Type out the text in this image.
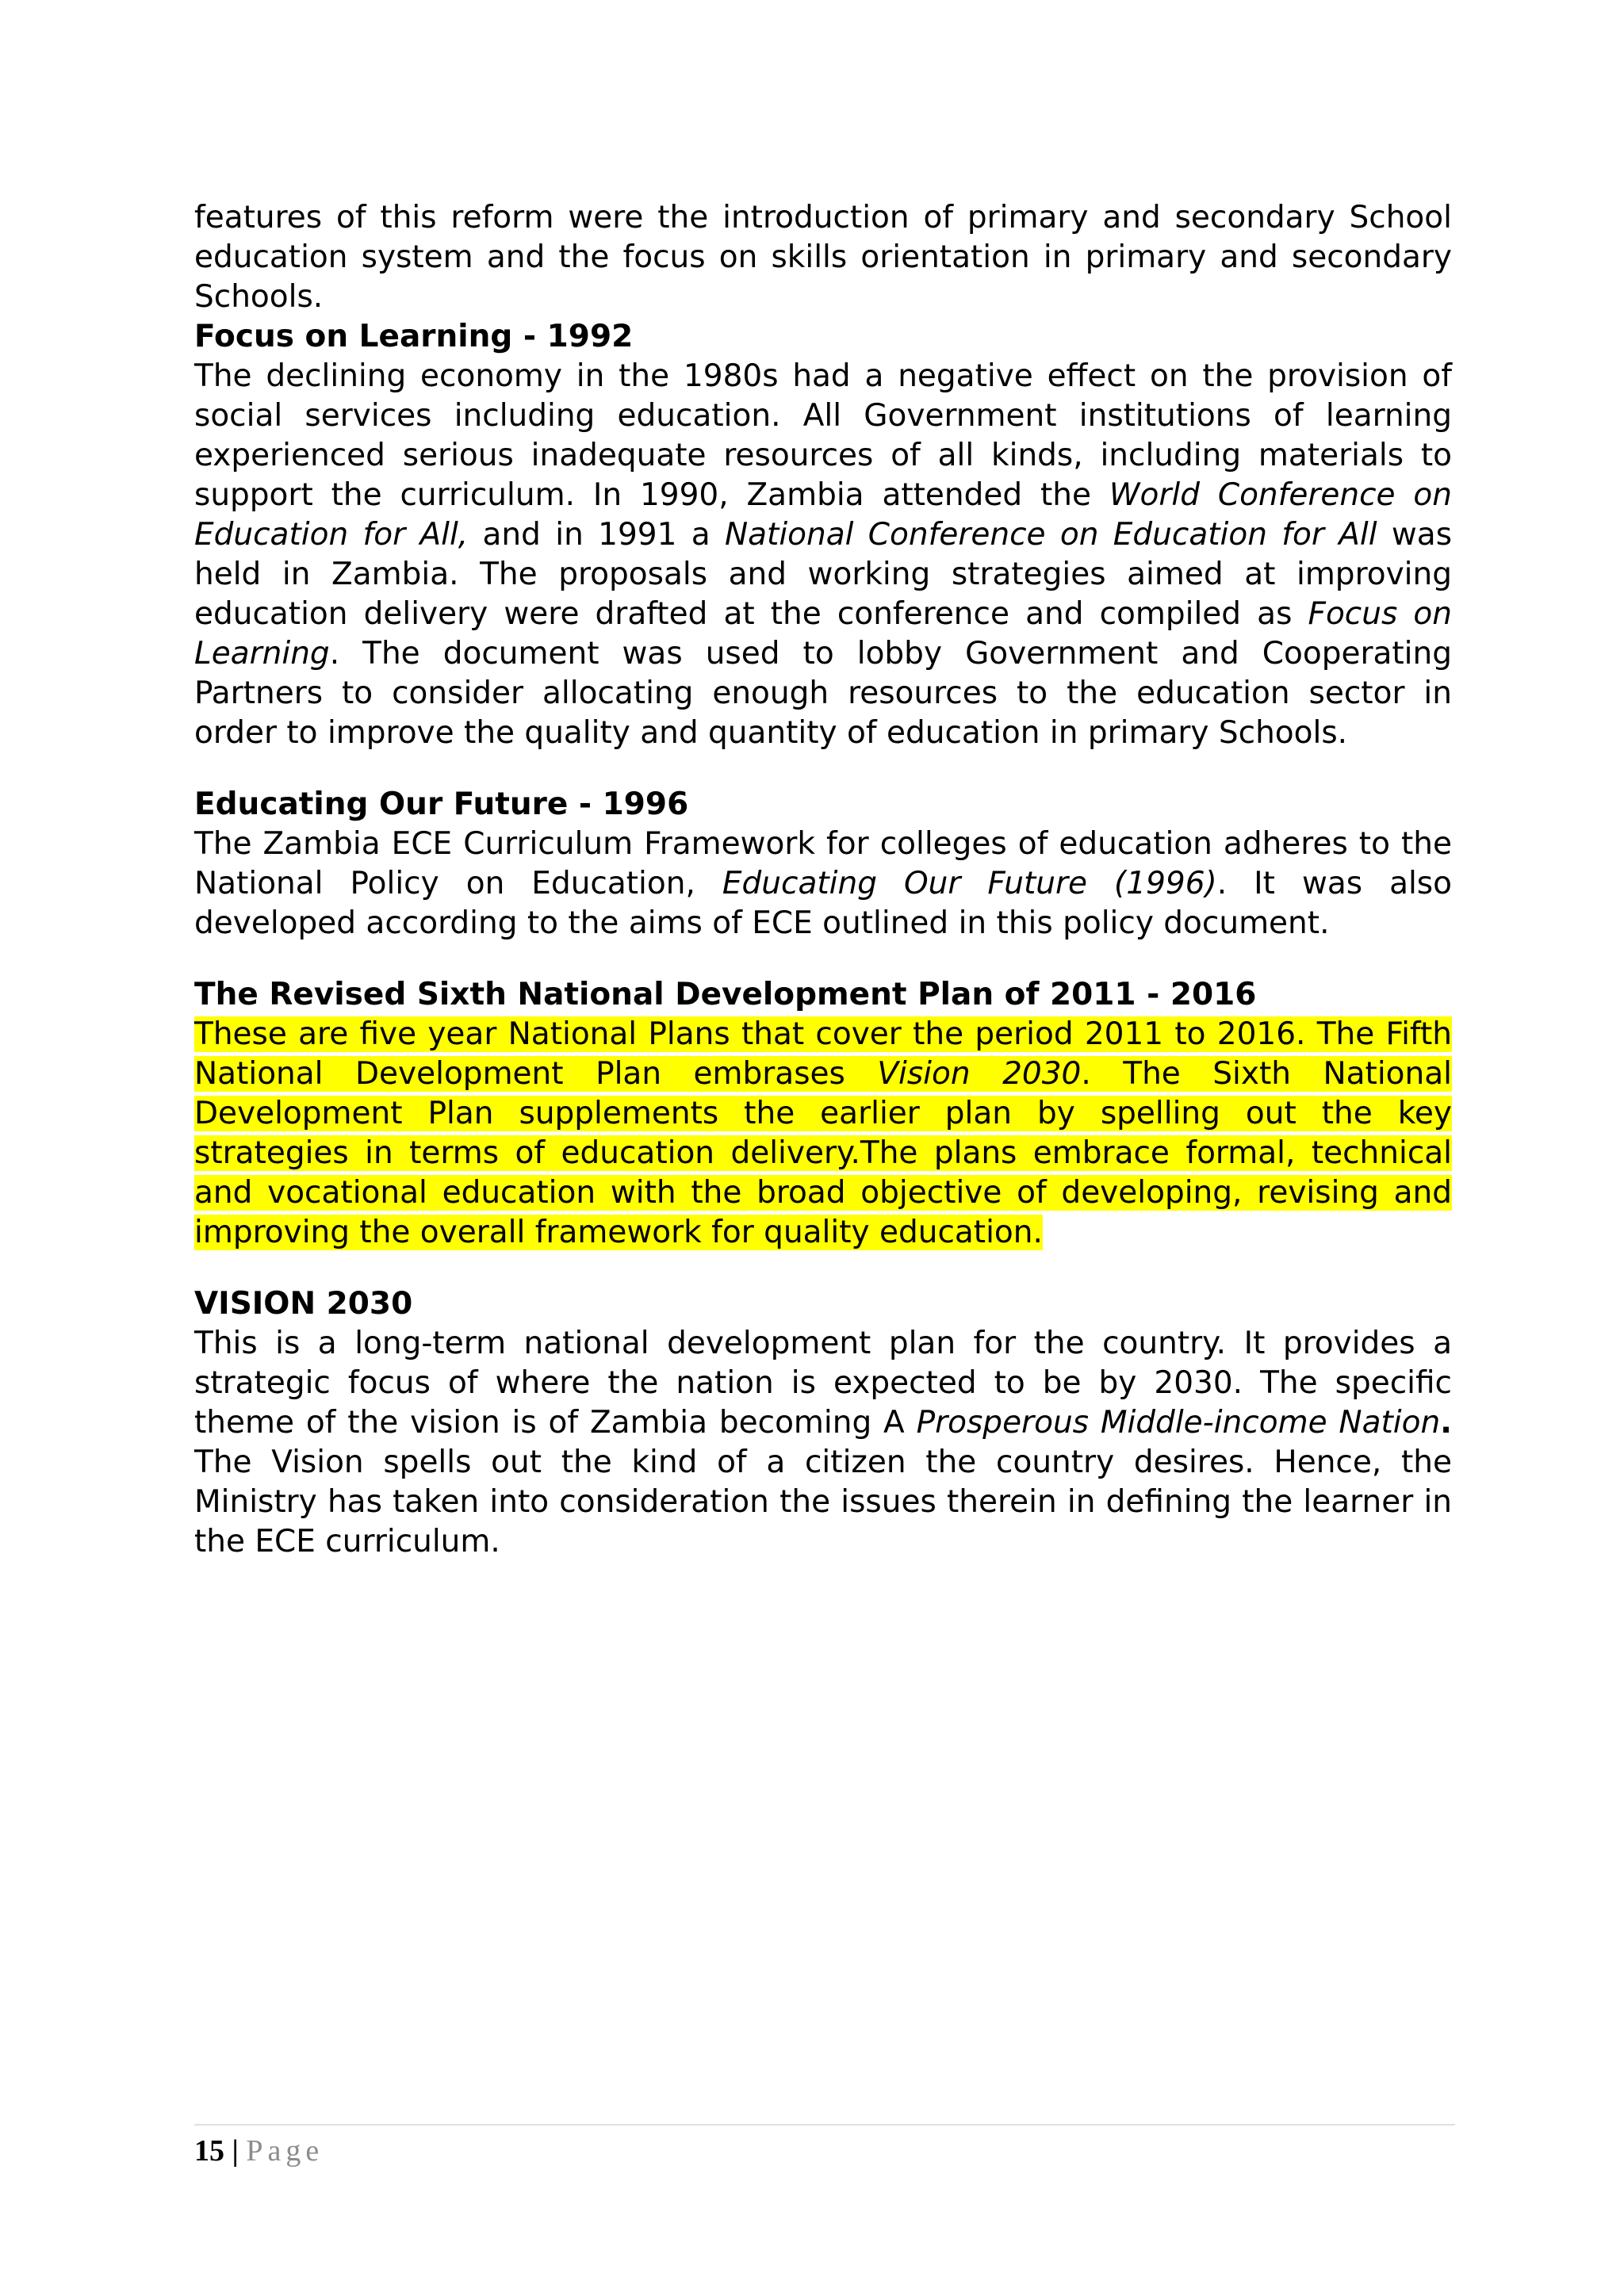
features of this reform were the introduction of primary and secondary School education system and the focus on skills orientation in primary and secondary Schools.

Focus on Learning - 1992

The declining economy in the 1980s had a negative effect on the provision of social services including education. All Government institutions of learning experienced serious inadequate resources of all kinds, including materials to support the curriculum. In 1990, Zambia attended the World Conference on Education for All, and in 1991 a National Conference on Education for All was held in Zambia. The proposals and working strategies aimed at improving education delivery were drafted at the conference and compiled as Focus on Learning. The document was used to lobby Government and Cooperating Partners to consider allocating enough resources to the education sector in order to improve the quality and quantity of education in primary Schools.

Educating Our Future - 1996

The Zambia ECE Curriculum Framework for colleges of education adheres to the National Policy on Education, Educating Our Future (1996). It was also developed according to the aims of ECE outlined in this policy document.

The Revised Sixth National Development Plan of 2011 - 2016

These are five year National Plans that cover the period 2011 to 2016. The Fifth National Development Plan embrases Vision 2030. The Sixth National Development Plan supplements the earlier plan by spelling out the key strategies in terms of education delivery.The plans embrace formal, technical and vocational education with the broad objective of developing, revising and improving the overall framework for quality education.

VISION 2030

This is a long-term national development plan for the country. It provides a strategic focus of where the nation is expected to be by 2030. The specific theme of the vision is of Zambia becoming A Prosperous Middle-income Nation. The Vision spells out the kind of a citizen the country desires. Hence, the Ministry has taken into consideration the issues therein in defining the learner in the ECE curriculum.

15 | Page
